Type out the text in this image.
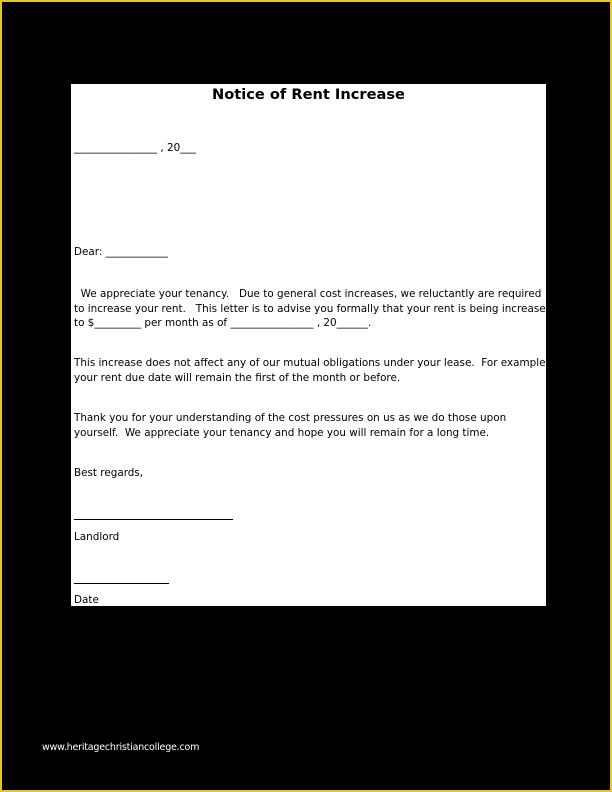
Notice of Rent Increase
________________ , 20___
Dear: ____________
We appreciate your tenancy.   Due to general cost increases, we reluctantly are required
to increase your rent.   This letter is to advise you formally that your rent is being increased
to $_________ per month as of ________________ , 20______.
This increase does not affect any of our mutual obligations under your lease.  For example,
your rent due date will remain the first of the month or before.
Thank you for your understanding of the cost pressures on us as we do those upon
yourself.  We appreciate your tenancy and hope you will remain for a long time.
Best regards,
Landlord
Date
www.heritagechristiancollege.com
